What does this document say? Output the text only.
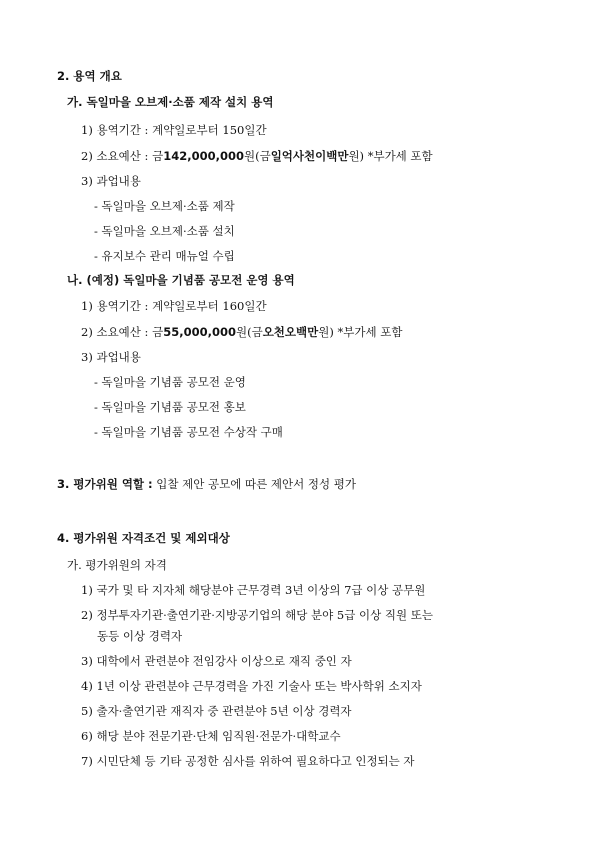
2. 용역 개요
가. 독일마을 오브제·소품 제작 설치 용역
1) 용역기간 : 계약일로부터 150일간
2) 소요예산 : 금142,000,000원(금일억사천이백만원) *부가세 포함
3) 과업내용
- 독일마을 오브제·소품 제작
- 독일마을 오브제·소품 설치
- 유지보수 관리 매뉴얼 수립
나. (예정) 독일마을 기념품 공모전 운영 용역
1) 용역기간 : 계약일로부터 160일간
2) 소요예산 : 금55,000,000원(금오천오백만원) *부가세 포함
3) 과업내용
- 독일마을 기념품 공모전 운영
- 독일마을 기념품 공모전 홍보
- 독일마을 기념품 공모전 수상작 구매
3. 평가위원 역할 : 입찰 제안 공모에 따른 제안서 정성 평가
4. 평가위원 자격조건 및 제외대상
가. 평가위원의 자격
1) 국가 및 타 지자체 해당분야 근무경력 3년 이상의 7급 이상 공무원
2) 정부투자기관·출연기관·지방공기업의 해당 분야 5급 이상 직원 또는
동등 이상 경력자
3) 대학에서 관련분야 전임강사 이상으로 재직 중인 자
4) 1년 이상 관련분야 근무경력을 가진 기술사 또는 박사학위 소지자
5) 출자·출연기관 재직자 중 관련분야 5년 이상 경력자
6) 해당 분야 전문기관·단체 임직원·전문가·대학교수
7) 시민단체 등 기타 공정한 심사를 위하여 필요하다고 인정되는 자
